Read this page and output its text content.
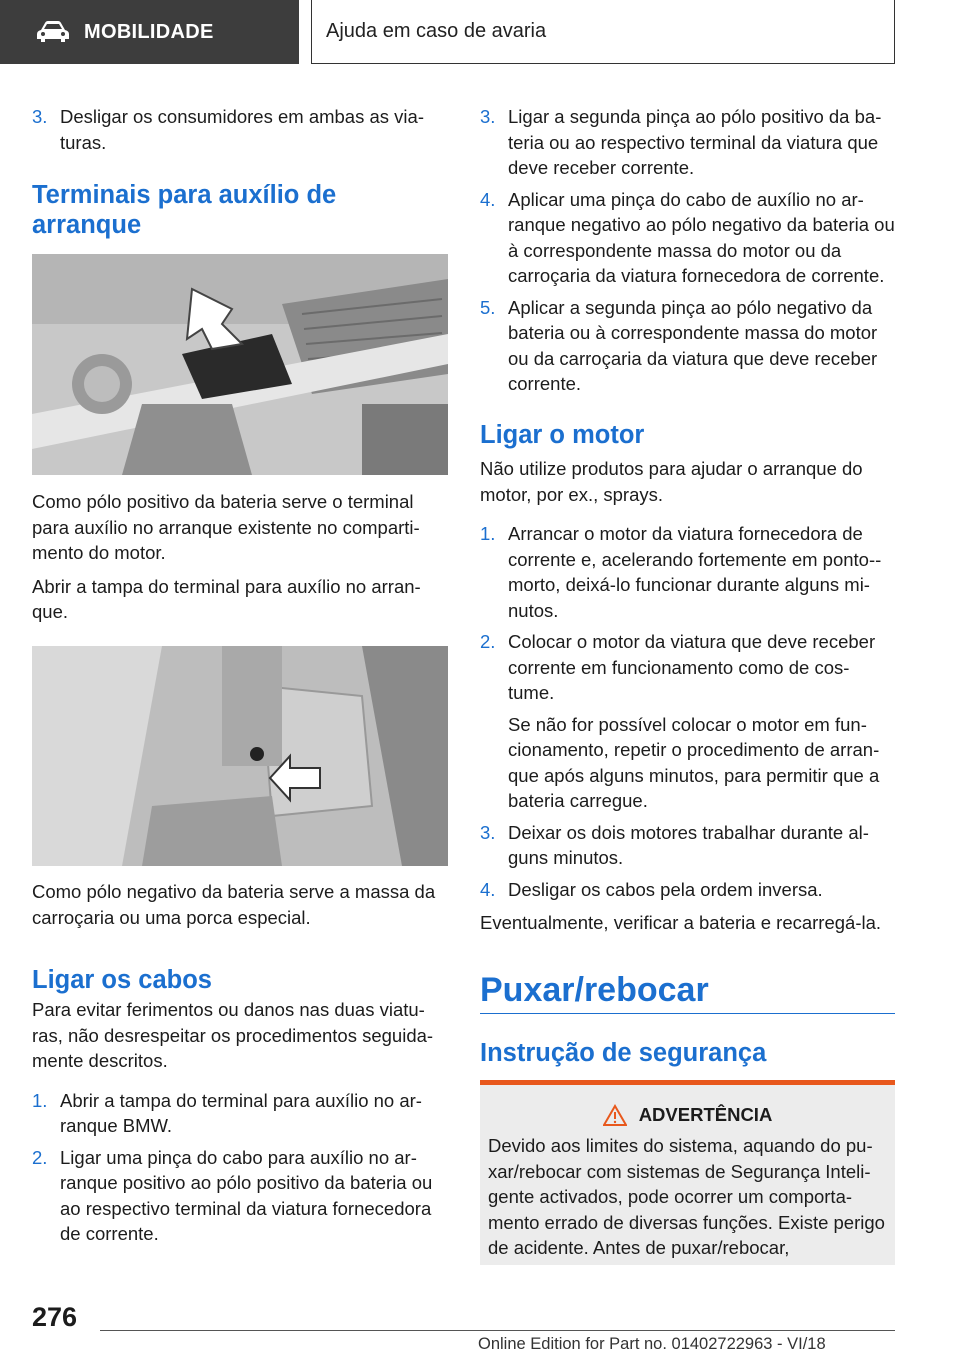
MOBILIDADE	Ajuda em caso de avaria
3. Desligar os consumidores em ambas as via‐turas.
Terminais para auxílio de arranque

Como pólo positivo da bateria serve o terminal para auxílio no arranque existente no comparti‐mento do motor.

Abrir a tampa do terminal para auxílio no arran‐que.

Como pólo negativo da bateria serve a massa da carroçaria ou uma porca especial.

Ligar os cabos

Para evitar ferimentos ou danos nas duas viatu‐ras, não desrespeitar os procedimentos seguida‐mente descritos.

1. Abrir a tampa do terminal para auxílio no ar‐ranque BMW.
2. Ligar uma pinça do cabo para auxílio no ar‐ranque positivo ao pólo positivo da bateria ou ao respectivo terminal da viatura fornecedora de corrente.
3. Ligar a segunda pinça ao pólo positivo da ba‐teria ou ao respectivo terminal da viatura que deve receber corrente.
4. Aplicar uma pinça do cabo de auxílio no ar‐ranque negativo ao pólo negativo da bateria ou à correspondente massa do motor ou da carroçaria da viatura fornecedora de corrente.
5. Aplicar a segunda pinça ao pólo negativo da bateria ou à correspondente massa do motor ou da carroçaria da viatura que deve receber corrente.
Ligar o motor

Não utilize produtos para ajudar o arranque do motor, por ex., sprays.

1. Arrancar o motor da viatura fornecedora de corrente e, acelerando fortemente em ponto‐-morto, deixá-lo funcionar durante alguns mi‐nutos.
2. Colocar o motor da viatura que deve receber corrente em funcionamento como de cos‐tume.
Se não for possível colocar o motor em fun‐cionamento, repetir o procedimento de arran‐que após alguns minutos, para permitir que a bateria carregue.
3. Deixar os dois motores trabalhar durante al‐guns minutos.
4. Desligar os cabos pela ordem inversa.

Eventualmente, verificar a bateria e recarregá-la.

Puxar/rebocar
Instrução de segurança
ADVERTÊNCIA

Devido aos limites do sistema, aquando do pu‐xar/rebocar com sistemas de Segurança Inteli‐gente activados, pode ocorrer um comporta‐mento errado de diversas funções. Existe perigo de acidente. Antes de puxar/rebocar,

276
Online Edition for Part no. 01402722963 - VI/18
